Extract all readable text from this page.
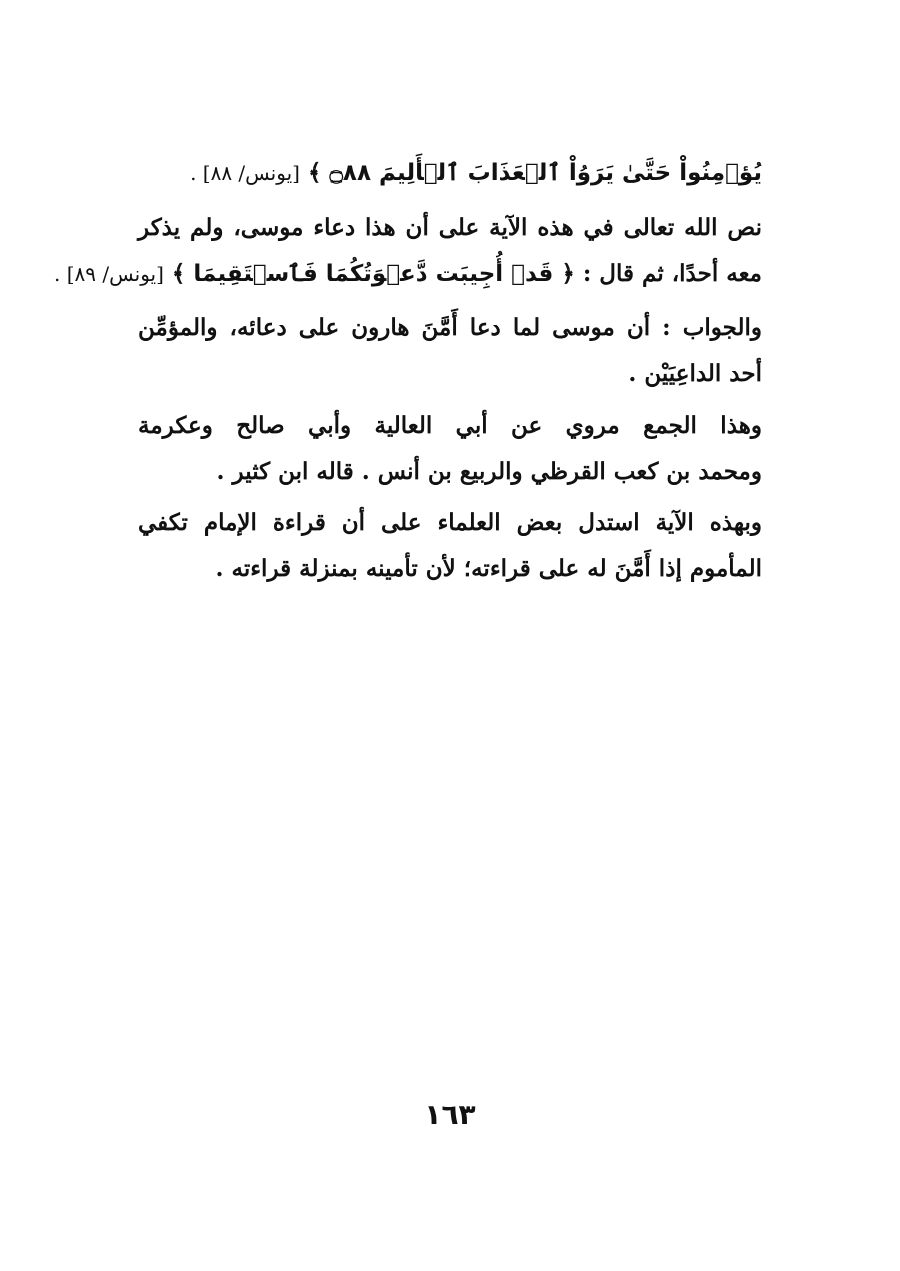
يُؤۡمِنُواْ حَتَّىٰ يَرَوُاْ ٱلۡعَذَابَ ٱلۡأَلِيمَ ۝٨٨ ﴾ [يونس/ ٨٨] .
نص الله تعالى في هذه الآية على أن هذا دعاء موسى، ولم يذكر
معه أحدًا، ثم قال : ﴿ قَدۡ أُجِيبَت دَّعۡوَتُكُمَا فَٱسۡتَقِيمَا ﴾ [يونس/ ٨٩] .
والجواب : أن موسى لما دعا أَمَّنَ هارون على دعائه، والمؤمِّن
أحد الداعِيَيْن .
وهذا الجمع مروي عن أبي العالية وأبي صالح وعكرمة
ومحمد بن كعب القرظي والربيع بن أنس . قاله ابن كثير .
وبهذه الآية استدل بعض العلماء على أن قراءة الإمام تكفي
المأموم إذا أَمَّنَ له على قراءته؛ لأن تأمينه بمنزلة قراءته .
١٦٣
